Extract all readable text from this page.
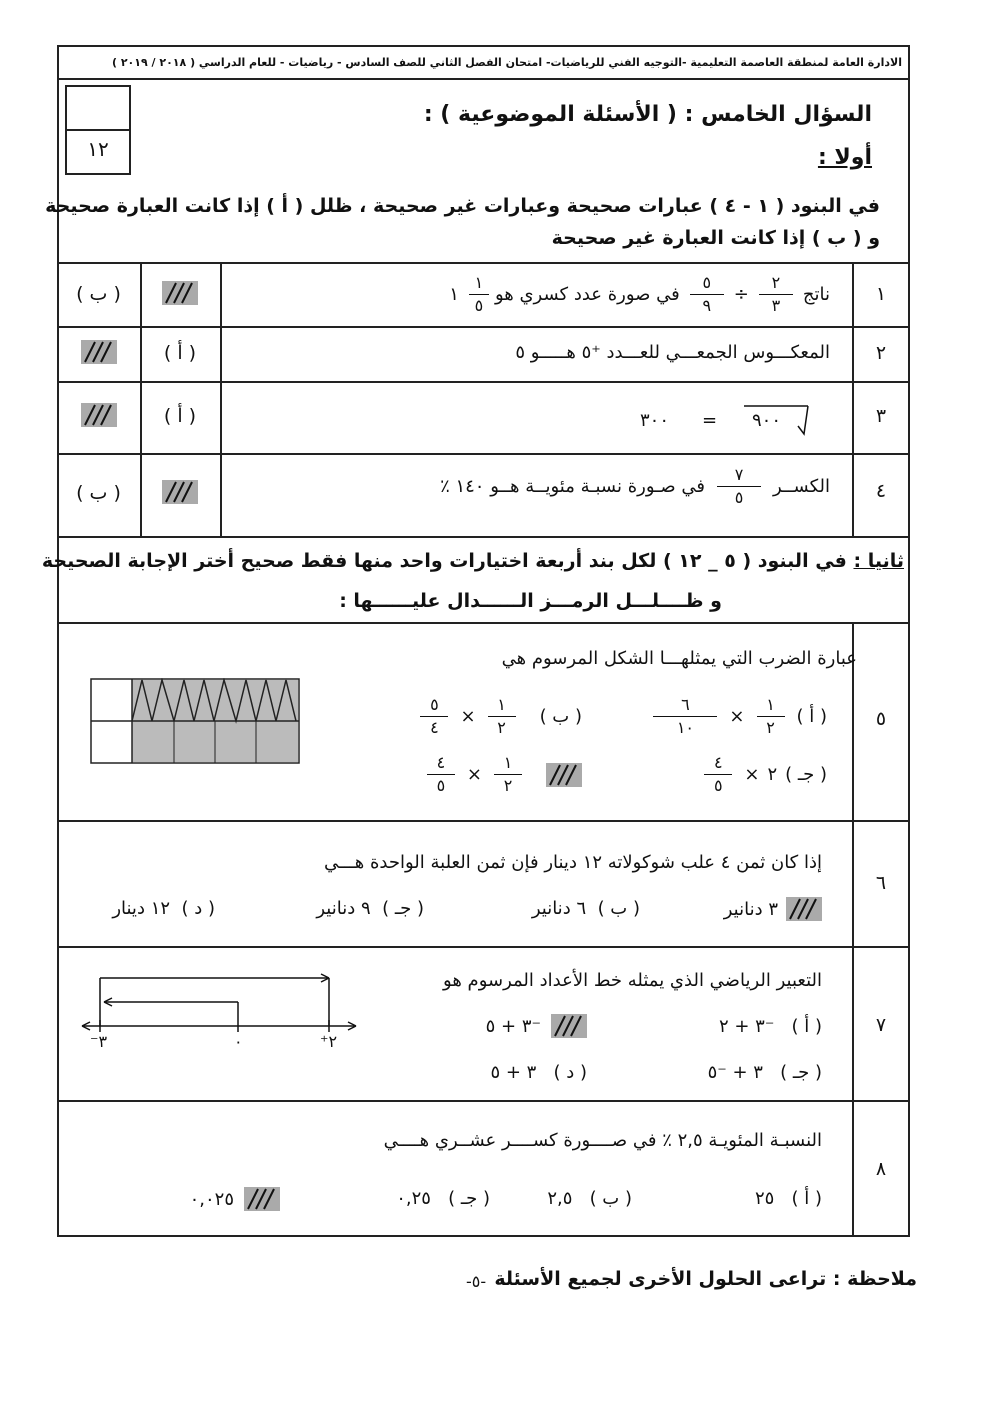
الادارة العامة لمنطقة العاصمة التعليمية -التوجيه الفني للرياضيات- امتحان الفصل الثاني للصف السادس - رياضيات - للعام الدراسي ( ٢٠١٨ / ٢٠١٩ )
١٢
السؤال الخامس : ( الأسئلة الموضوعية ) :
أولا :
في البنود ( ١ - ٤ ) عبارات صحيحة وعبارات غير صحيحة ، ظلل ( أ ) إذا كانت العبارة صحيحة
و ( ب ) إذا كانت العبارة غير صحيحة
١
ناتج
$\frac{٢}{٣}$
÷
$\frac{٥}{٩}$
في صورة عدد كسري هو
$\frac{١}{٥}$
١
( ب )
٢
المعكـــوس الجمعـــي للعـــدد ⁺٥ هـــــو ٥
( أ )
٣
٩٠٠
=
٣٠٠
( أ )
٤
الكســر
$\frac{٧}{٥}$
في صـورة نسبـة مئويــة هــو ١٤٠ ٪
( ب )
ثانيا : في البنود ( ٥ _ ١٢ ) لكل بند أربعة اختيارات واحد منها فقط صحيح أختر الإجابة الصحيحة
و ظــــلـــل الرمـــز الــــــدال عليــــــها :
٥
عبارة الضرب التي يمثلهـــا الشكل المرسوم هي
( أ )
$\frac{١}{٢}$
×
$\frac{٦}{١٠}$
( ب )
$\frac{١}{٢}$
×
$\frac{٥}{٤}$
( جـ )
٢
×
$\frac{٤}{٥}$
$\frac{١}{٢}$
×
$\frac{٤}{٥}$
٦
إذا كان ثمن ٤ علب شوكولاته ١٢ دينار فإن ثمن العلبة الواحدة هـــي
٣ دنانير
( ب )  ٦ دنانير
( جـ )  ٩ دنانير
( د )  ١٢ دينار
٧
التعبير الرياضي الذي يمثله خط الأعداد المرسوم هو
⁻٣	٠	⁺٢
( أ )   ⁻٣ + ٢
⁻٣ + ٥
( جـ )   ٣ + ⁻٥
( د )   ٣ + ٥
٨
النسبـة المئويـة ٢,٥ ٪ في صــــورة كســــر عشــري هــــي
( أ )   ٢٥
( ب )   ٢,٥
( جـ )   ٠,٢٥
٠,٠٢٥
ملاحظة : تراعى الحلول الأخرى لجميع الأسئلة
-٥-
